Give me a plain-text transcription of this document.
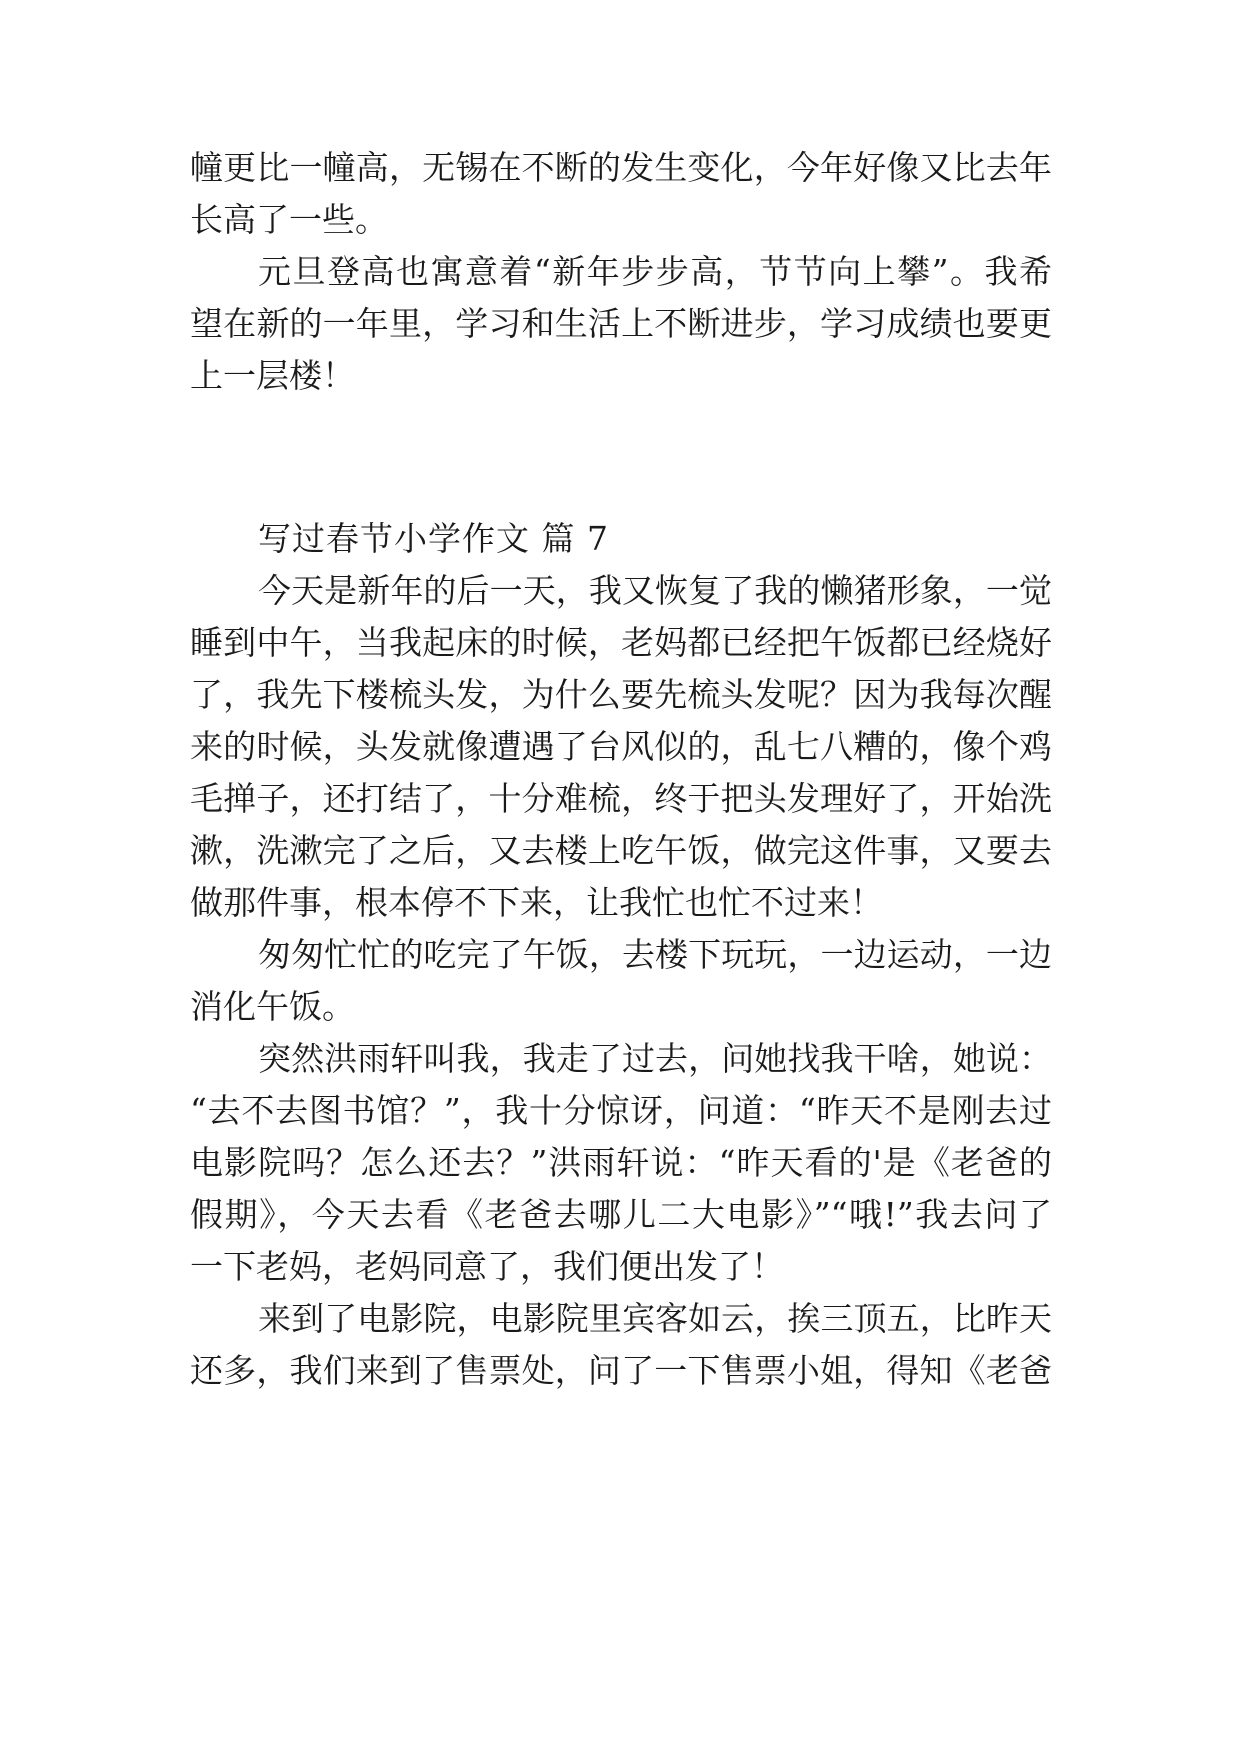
幢更比一幢高，无锡在不断的发生变化，今年好像又比去年
长高了一些。
元旦登高也寓意着“新年步步高，节节向上攀”。我希
望在新的一年里，学习和生活上不断进步，学习成绩也要更
上一层楼！
写过春节小学作文 篇 7
今天是新年的后一天，我又恢复了我的懒猪形象，一觉
睡到中午，当我起床的时候，老妈都已经把午饭都已经烧好
了，我先下楼梳头发，为什么要先梳头发呢？因为我每次醒
来的时候，头发就像遭遇了台风似的，乱七八糟的，像个鸡
毛掸子，还打结了，十分难梳，终于把头发理好了，开始洗
漱，洗漱完了之后，又去楼上吃午饭，做完这件事，又要去
做那件事，根本停不下来，让我忙也忙不过来！
匆匆忙忙的吃完了午饭，去楼下玩玩，一边运动，一边
消化午饭。
突然洪雨轩叫我，我走了过去，问她找我干啥，她说：
“去不去图书馆？”，我十分惊讶，问道：“昨天不是刚去过
电影院吗？怎么还去？”洪雨轩说：“昨天看的'是《老爸的
假期》，今天去看《老爸去哪儿二大电影》”“哦!”我去问了
一下老妈，老妈同意了，我们便出发了！
来到了电影院，电影院里宾客如云，挨三顶五，比昨天
还多，我们来到了售票处，问了一下售票小姐，得知《老爸
